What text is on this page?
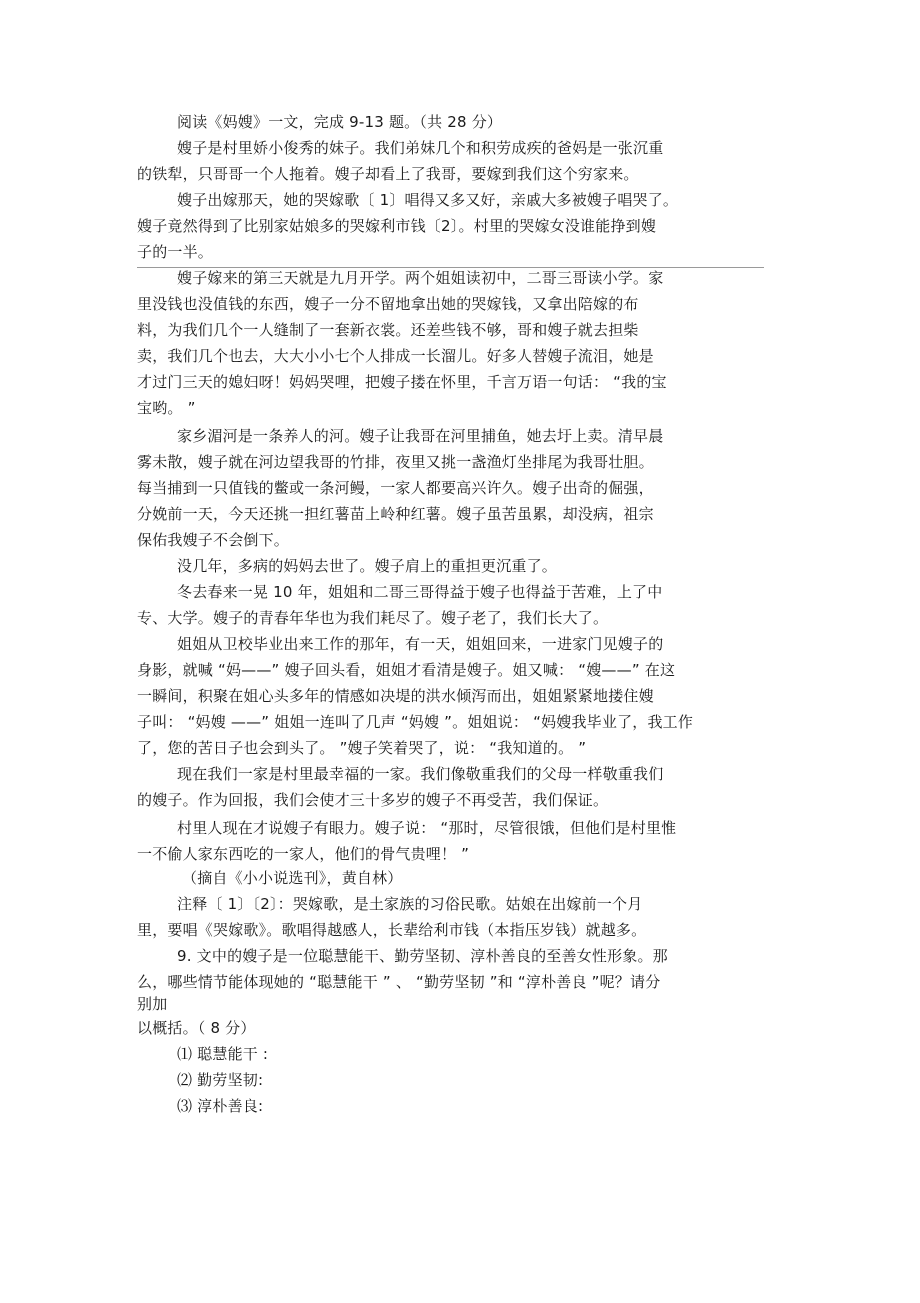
阅读《妈嫂》一文，完成 9-13 题。（共 28 分）
嫂子是村里娇小俊秀的妹子。我们弟妹几个和积劳成疾的爸妈是一张沉重
的铁犁，只哥哥一个人拖着。嫂子却看上了我哥，要嫁到我们这个穷家来。
嫂子出嫁那天，她的哭嫁歌〔 1〕唱得又多又好，亲戚大多被嫂子唱哭了。
嫂子竟然得到了比别家姑娘多的哭嫁利市钱〔2〕。村里的哭嫁女没谁能挣到嫂
子的一半。
嫂子嫁来的第三天就是九月开学。两个姐姐读初中，二哥三哥读小学。家
里没钱也没值钱的东西，嫂子一分不留地拿出她的哭嫁钱，又拿出陪嫁的布
料，为我们几个一人缝制了一套新衣裳。还差些钱不够，哥和嫂子就去担柴
卖，我们几个也去，大大小小七个人排成一长溜儿。好多人替嫂子流泪，她是
才过门三天的媳妇呀！妈妈哭哩，把嫂子搂在怀里，千言万语一句话： “我的宝
宝哟。 ”
家乡湄河是一条养人的河。嫂子让我哥在河里捕鱼，她去圩上卖。清早晨
雾未散，嫂子就在河边望我哥的竹排，夜里又挑一盏渔灯坐排尾为我哥壮胆。
每当捕到一只值钱的鳖或一条河鳗，一家人都要高兴许久。嫂子出奇的倔强，
分娩前一天，今天还挑一担红薯苗上岭种红薯。嫂子虽苦虽累，却没病，祖宗
保佑我嫂子不会倒下。
没几年，多病的妈妈去世了。嫂子肩上的重担更沉重了。
冬去春来一晃 10 年，姐姐和二哥三哥得益于嫂子也得益于苦难，上了中
专、大学。嫂子的青春年华也为我们耗尽了。嫂子老了，我们长大了。
姐姐从卫校毕业出来工作的那年，有一天，姐姐回来，一进家门见嫂子的
身影，就喊 “妈——” 嫂子回头看，姐姐才看清是嫂子。姐又喊： “嫂——” 在这
一瞬间，积聚在姐心头多年的情感如决堤的洪水倾泻而出，姐姐紧紧地搂住嫂
子叫： “妈嫂 ——” 姐姐一连叫了几声 “妈嫂 ”。姐姐说： “妈嫂我毕业了，我工作
了，您的苦日子也会到头了。 ”嫂子笑着哭了，说： “我知道的。 ”
现在我们一家是村里最幸福的一家。我们像敬重我们的父母一样敬重我们
的嫂子。作为回报，我们会使才三十多岁的嫂子不再受苦，我们保证。
村里人现在才说嫂子有眼力。嫂子说： “那时，尽管很饿，但他们是村里惟
一不偷人家东西吃的一家人，他们的骨气贵哩！ ”
（摘自《小小说选刊》，黄自林）
注释〔 1〕〔2〕：哭嫁歌，是土家族的习俗民歌。姑娘在出嫁前一个月
里，要唱《哭嫁歌》。歌唱得越感人，长辈给利市钱（本指压岁钱）就越多。
9. 文中的嫂子是一位聪慧能干、勤劳坚韧、淳朴善良的至善女性形象。那
么，哪些情节能体现她的 “聪慧能干 ” 、 “勤劳坚韧 ”和 “淳朴善良 ”呢？请分
别加
以概括。（ 8 分）
⑴ 聪慧能干 :
⑵ 勤劳坚韧:
⑶ 淳朴善良:
